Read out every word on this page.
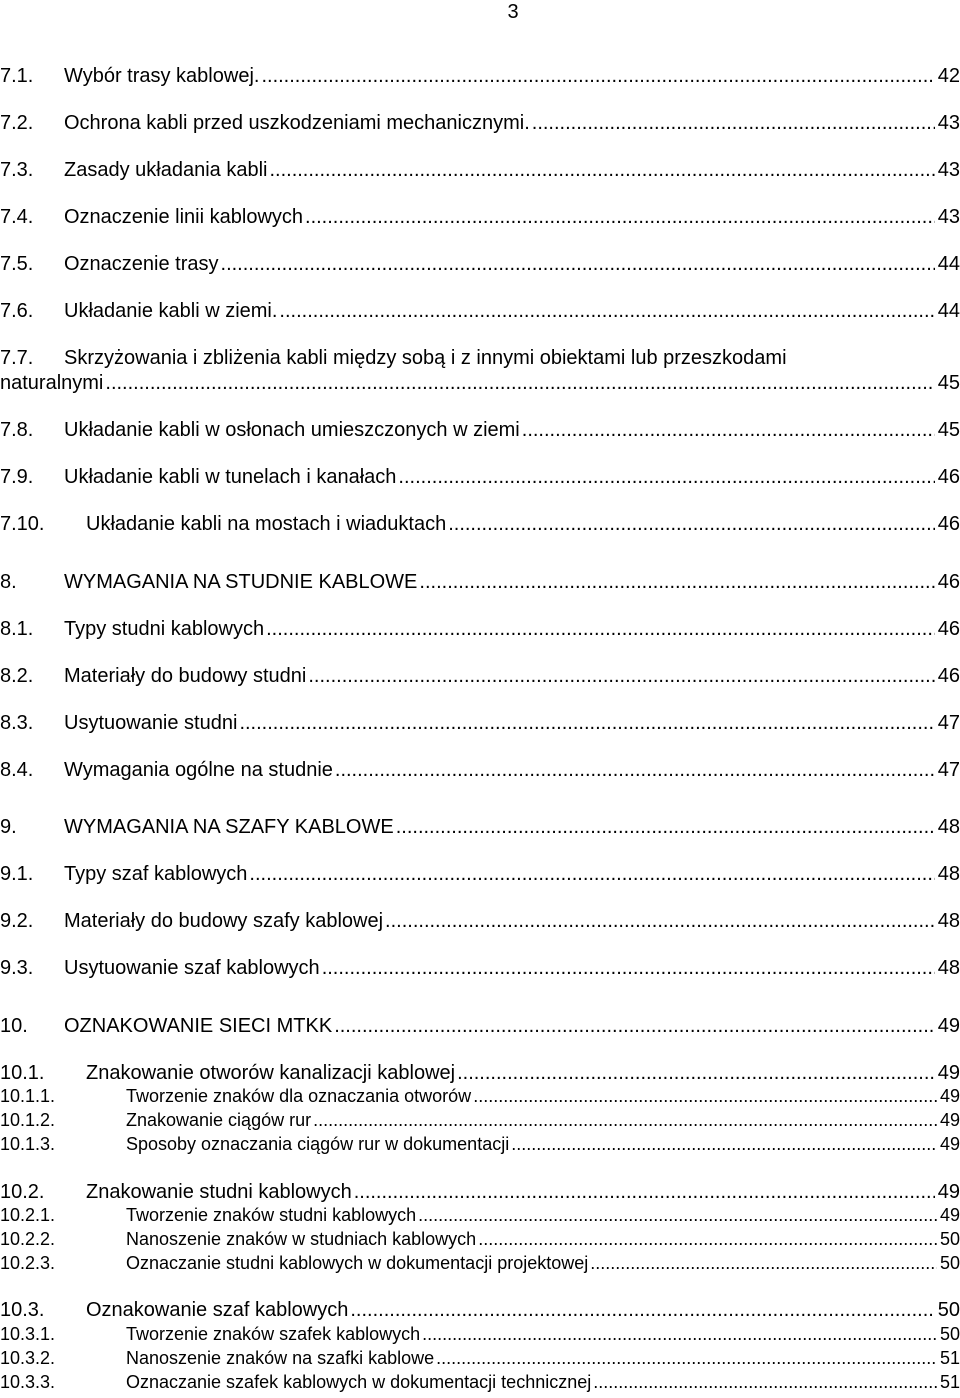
3
7.1.	Wybór trasy kablowej. .....	42
7.2.	Ochrona kabli przed uszkodzeniami mechanicznymi. .....	43
7.3.	Zasady układania kabli .....	43
7.4.	Oznaczenie linii kablowych .....	43
7.5.	Oznaczenie trasy .....	44
7.6.	Układanie kabli w ziemi. .....	44
7.7.	Skrzyżowania i zbliżenia kabli między sobą i z innymi obiektami lub przeszkodami
naturalnymi .....	45
7.8.	Układanie kabli w osłonach umieszczonych w ziemi .....	45
7.9.	Układanie kabli w tunelach i kanałach .....	46
7.10.	Układanie kabli na mostach i wiaduktach .....	46
8.	WYMAGANIA NA STUDNIE KABLOWE .....	46
8.1.	Typy studni kablowych .....	46
8.2.	Materiały do budowy studni .....	46
8.3.	Usytuowanie studni .....	47
8.4.	Wymagania ogólne na studnie .....	47
9.	WYMAGANIA NA SZAFY KABLOWE .....	48
9.1.	Typy szaf kablowych .....	48
9.2.	Materiały do budowy szafy kablowej .....	48
9.3.	Usytuowanie szaf kablowych .....	48
10.	OZNAKOWANIE SIECI MTKK .....	49
10.1.	Znakowanie otworów kanalizacji kablowej .....	49
10.1.1.	Tworzenie znaków dla oznaczania otworów .....	49
10.1.2.	Znakowanie ciągów rur .....	49
10.1.3.	Sposoby oznaczania ciągów rur w dokumentacji .....	49
10.2.	Znakowanie studni kablowych .....	49
10.2.1.	Tworzenie znaków studni kablowych .....	49
10.2.2.	Nanoszenie znaków w studniach kablowych .....	50
10.2.3.	Oznaczanie studni kablowych w dokumentacji projektowej .....	50
10.3.	Oznakowanie szaf kablowych .....	50
10.3.1.	Tworzenie znaków szafek kablowych .....	50
10.3.2.	Nanoszenie znaków na szafki kablowe .....	51
10.3.3.	Oznaczanie szafek kablowych w dokumentacji technicznej .....	51
